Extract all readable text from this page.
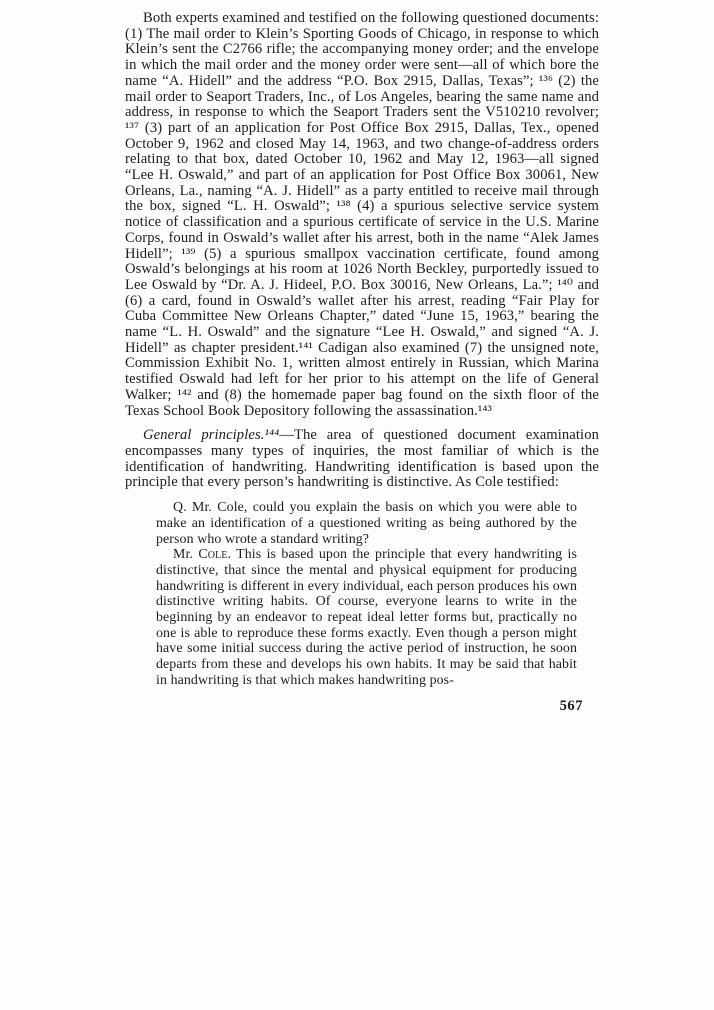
Both experts examined and testified on the following questioned documents: (1) The mail order to Klein’s Sporting Goods of Chicago, in response to which Klein’s sent the C2766 rifle; the accompanying money order; and the envelope in which the mail order and the money order were sent—all of which bore the name “A. Hidell” and the address “P.O. Box 2915, Dallas, Texas”; ¹³⁶ (2) the mail order to Seaport Traders, Inc., of Los Angeles, bearing the same name and address, in response to which the Seaport Traders sent the V510210 revolver; ¹³⁷ (3) part of an application for Post Office Box 2915, Dallas, Tex., opened October 9, 1962 and closed May 14, 1963, and two change-of-address orders relating to that box, dated October 10, 1962 and May 12, 1963—all signed “Lee H. Oswald,” and part of an application for Post Office Box 30061, New Orleans, La., naming “A. J. Hidell” as a party entitled to receive mail through the box, signed “L. H. Oswald”; ¹³⁸ (4) a spurious selective service system notice of classification and a spurious certificate of service in the U.S. Marine Corps, found in Oswald’s wallet after his arrest, both in the name “Alek James Hidell”; ¹³⁹ (5) a spurious smallpox vaccination certificate, found among Oswald’s belongings at his room at 1026 North Beckley, purportedly issued to Lee Oswald by “Dr. A. J. Hideel, P.O. Box 30016, New Orleans, La.”; ¹⁴⁰ and (6) a card, found in Oswald’s wallet after his arrest, reading “Fair Play for Cuba Committee New Orleans Chapter,” dated “June 15, 1963,” bearing the name “L. H. Oswald” and the signature “Lee H. Oswald,” and signed “A. J. Hidell” as chapter president.¹⁴¹ Cadigan also examined (7) the unsigned note, Commission Exhibit No. 1, written almost entirely in Russian, which Marina testified Oswald had left for her prior to his attempt on the life of General Walker; ¹⁴² and (8) the homemade paper bag found on the sixth floor of the Texas School Book Depository following the assassination.¹⁴³

General principles.¹⁴⁴—The area of questioned document examination encompasses many types of inquiries, the most familiar of which is the identification of handwriting. Handwriting identification is based upon the principle that every person’s handwriting is distinctive. As Cole testified:

Q. Mr. Cole, could you explain the basis on which you were able to make an identification of a questioned writing as being authored by the person who wrote a standard writing?

Mr. Cole. This is based upon the principle that every handwriting is distinctive, that since the mental and physical equipment for producing handwriting is different in every individual, each person produces his own distinctive writing habits. Of course, everyone learns to write in the beginning by an endeavor to repeat ideal letter forms but, practically no one is able to reproduce these forms exactly. Even though a person might have some initial success during the active period of instruction, he soon departs from these and develops his own habits. It may be said that habit in handwriting is that which makes handwriting pos-

567
